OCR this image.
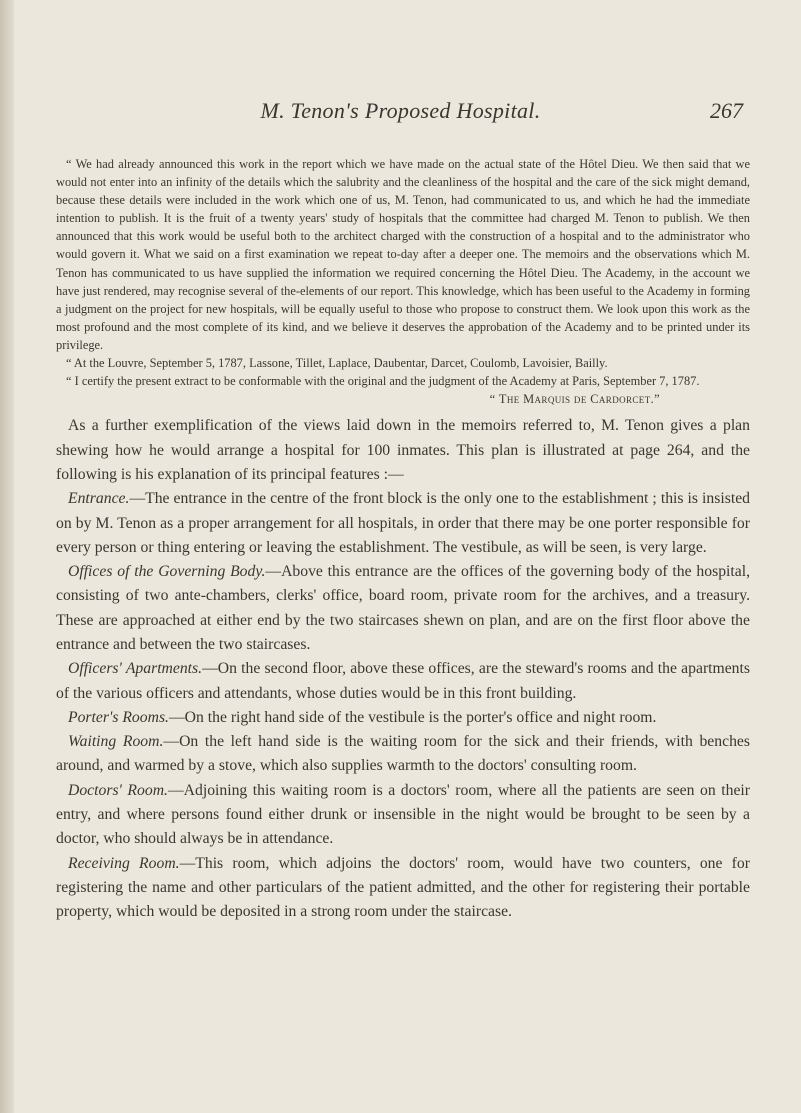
M. Tenon's Proposed Hospital.	267

“ We had already announced this work in the report which we have made on the actual state of the Hôtel Dieu. We then said that we would not enter into an infinity of the details which the salubrity and the cleanliness of the hospital and the care of the sick might demand, because these details were included in the work which one of us, M. Tenon, had communicated to us, and which he had the immediate intention to publish. It is the fruit of a twenty years' study of hospitals that the committee had charged M. Tenon to publish. We then announced that this work would be useful both to the architect charged with the construction of a hospital and to the administrator who would govern it. What we said on a first examination we repeat to-day after a deeper one. The memoirs and the observations which M. Tenon has communicated to us have supplied the information we required concerning the Hôtel Dieu. The Academy, in the account we have just rendered, may recognise several of the-elements of our report. This knowledge, which has been useful to the Academy in forming a judgment on the project for new hospitals, will be equally useful to those who propose to construct them. We look upon this work as the most profound and the most complete of its kind, and we believe it deserves the approbation of the Academy and to be printed under its privilege.

“ At the Louvre, September 5, 1787, Lassone, Tillet, Laplace, Daubentar, Darcet, Coulomb, Lavoisier, Bailly.

“ I certify the present extract to be conformable with the original and the judgment of the Academy at Paris, September 7, 1787.

“ The Marquis de Cardorcet.”

As a further exemplification of the views laid down in the memoirs referred to, M. Tenon gives a plan shewing how he would arrange a hospital for 100 inmates. This plan is illustrated at page 264, and the following is his explanation of its principal features :—

Entrance.—The entrance in the centre of the front block is the only one to the establishment ; this is insisted on by M. Tenon as a proper arrangement for all hospitals, in order that there may be one porter responsible for every person or thing entering or leaving the establishment. The vestibule, as will be seen, is very large.

Offices of the Governing Body.—Above this entrance are the offices of the governing body of the hospital, consisting of two ante-chambers, clerks' office, board room, private room for the archives, and a treasury. These are approached at either end by the two staircases shewn on plan, and are on the first floor above the entrance and between the two staircases.

Officers' Apartments.—On the second floor, above these offices, are the steward's rooms and the apartments of the various officers and attendants, whose duties would be in this front building.

Porter's Rooms.—On the right hand side of the vestibule is the porter's office and night room.

Waiting Room.—On the left hand side is the waiting room for the sick and their friends, with benches around, and warmed by a stove, which also supplies warmth to the doctors' consulting room.

Doctors' Room.—Adjoining this waiting room is a doctors' room, where all the patients are seen on their entry, and where persons found either drunk or insensible in the night would be brought to be seen by a doctor, who should always be in attendance.

Receiving Room.—This room, which adjoins the doctors' room, would have two counters, one for registering the name and other particulars of the patient admitted, and the other for registering their portable property, which would be deposited in a strong room under the staircase.
